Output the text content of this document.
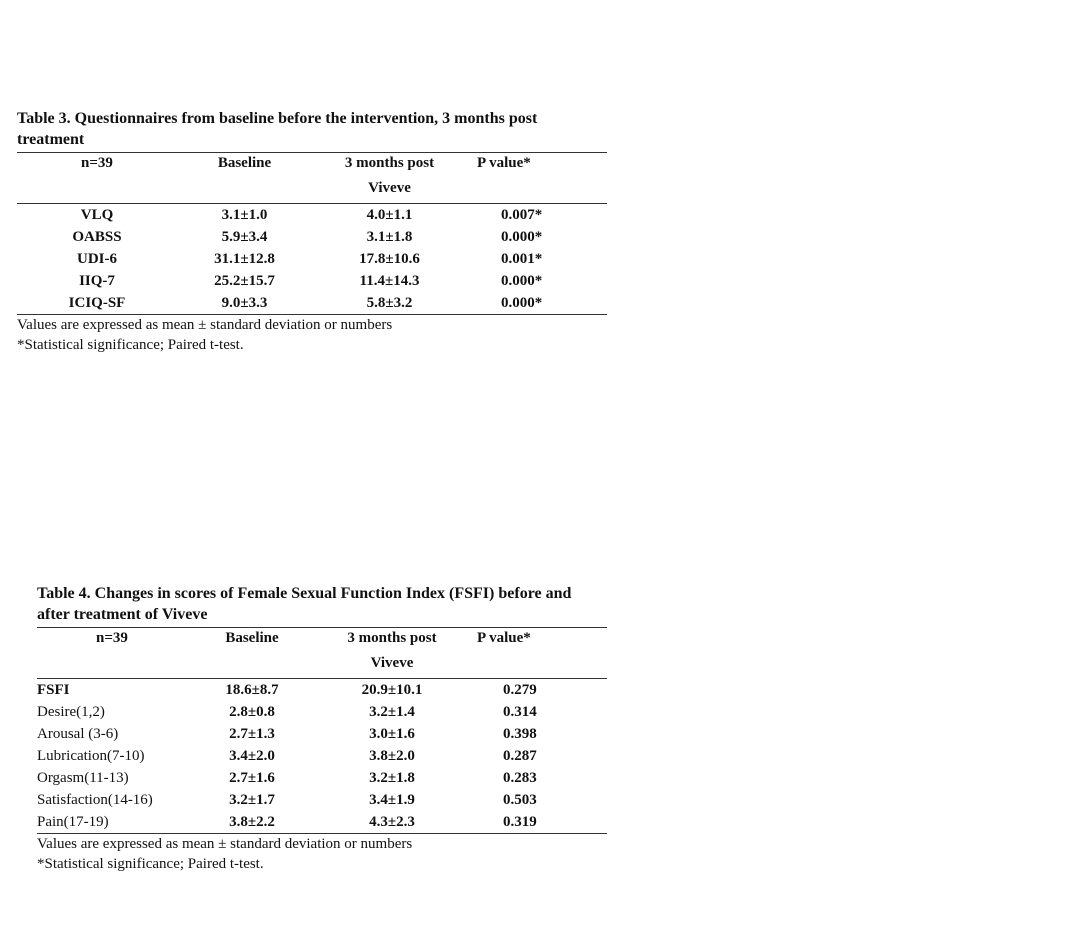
Table 3. Questionnaires from baseline before the intervention, 3 months post treatment

n=39	Baseline	3 months post	P value*
		Viveve	
VLQ	3.1±1.0	4.0±1.1	0.007*
OABSS	5.9±3.4	3.1±1.8	0.000*
UDI-6	31.1±12.8	17.8±10.6	0.001*
IIQ-7	25.2±15.7	11.4±14.3	0.000*
ICIQ-SF	9.0±3.3	5.8±3.2	0.000*

Values are expressed as mean ± standard deviation or numbers

*Statistical significance; Paired t-test.

Table 4. Changes in scores of Female Sexual Function Index (FSFI) before and after treatment of Viveve

n=39	Baseline	3 months post	P value*
		Viveve	
FSFI	18.6±8.7	20.9±10.1	0.279
Desire(1,2)	2.8±0.8	3.2±1.4	0.314
Arousal (3-6)	2.7±1.3	3.0±1.6	0.398
Lubrication(7-10)	3.4±2.0	3.8±2.0	0.287
Orgasm(11-13)	2.7±1.6	3.2±1.8	0.283
Satisfaction(14-16)	3.2±1.7	3.4±1.9	0.503
Pain(17-19)	3.8±2.2	4.3±2.3	0.319

Values are expressed as mean ± standard deviation or numbers

*Statistical significance; Paired t-test.
